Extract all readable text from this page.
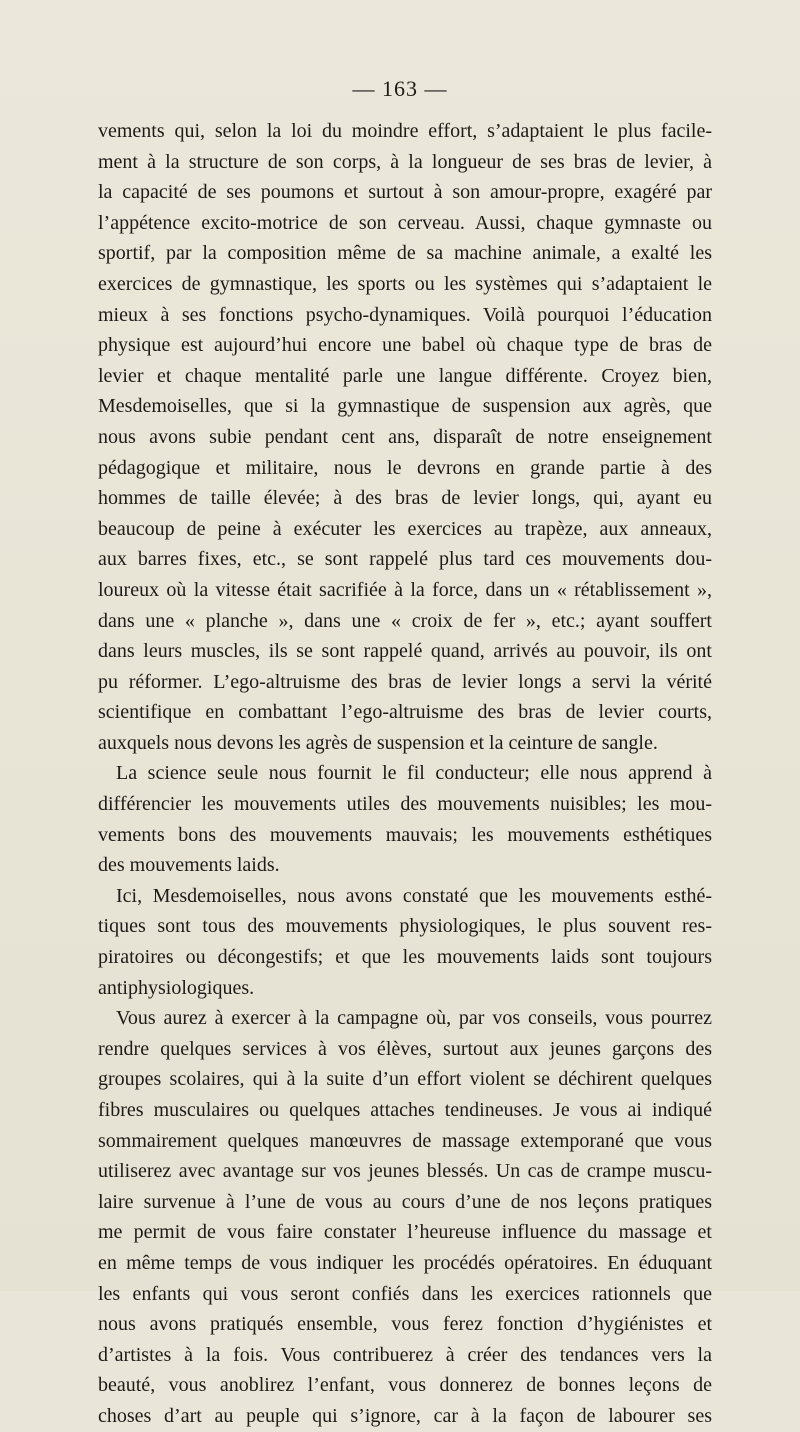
— 163 —
vements qui, selon la loi du moindre effort, s’adaptaient le plus facile-
ment à la structure de son corps, à la longueur de ses bras de levier, à
la capacité de ses poumons et surtout à son amour-propre, exagéré par
l’appétence excito-motrice de son cerveau. Aussi, chaque gymnaste ou
sportif, par la composition même de sa machine animale, a exalté les
exercices de gymnastique, les sports ou les systèmes qui s’adaptaient le
mieux à ses fonctions psycho-dynamiques. Voilà pourquoi l’éducation
physique est aujourd’hui encore une babel où chaque type de bras de
levier et chaque mentalité parle une langue différente. Croyez bien,
Mesdemoiselles, que si la gymnastique de suspension aux agrès, que
nous avons subie pendant cent ans, disparaît de notre enseignement
pédagogique et militaire, nous le devrons en grande partie à des
hommes de taille élevée; à des bras de levier longs, qui, ayant eu
beaucoup de peine à exécuter les exercices au trapèze, aux anneaux,
aux barres fixes, etc., se sont rappelé plus tard ces mouvements dou-
loureux où la vitesse était sacrifiée à la force, dans un « rétablissement »,
dans une « planche », dans une « croix de fer », etc.; ayant souffert
dans leurs muscles, ils se sont rappelé quand, arrivés au pouvoir, ils ont
pu réformer. L’ego-altruisme des bras de levier longs a servi la vérité
scientifique en combattant l’ego-altruisme des bras de levier courts,
auxquels nous devons les agrès de suspension et la ceinture de sangle.
La science seule nous fournit le fil conducteur; elle nous apprend à
différencier les mouvements utiles des mouvements nuisibles; les mou-
vements bons des mouvements mauvais; les mouvements esthétiques
des mouvements laids.
Ici, Mesdemoiselles, nous avons constaté que les mouvements esthé-
tiques sont tous des mouvements physiologiques, le plus souvent res-
piratoires ou décongestifs; et que les mouvements laids sont toujours
antiphysiologiques.
Vous aurez à exercer à la campagne où, par vos conseils, vous pourrez
rendre quelques services à vos élèves, surtout aux jeunes garçons des
groupes scolaires, qui à la suite d’un effort violent se déchirent quelques
fibres musculaires ou quelques attaches tendineuses. Je vous ai indiqué
sommairement quelques manœuvres de massage extemporané que vous
utiliserez avec avantage sur vos jeunes blessés. Un cas de crampe muscu-
laire survenue à l’une de vous au cours d’une de nos leçons pratiques
me permit de vous faire constater l’heureuse influence du massage et
en même temps de vous indiquer les procédés opératoires. En éduquant
les enfants qui vous seront confiés dans les exercices rationnels que
nous avons pratiqués ensemble, vous ferez fonction d’hygiénistes et
d’artistes à la fois. Vous contribuerez à créer des tendances vers la
beauté, vous anoblirez l’enfant, vous donnerez de bonnes leçons de
choses d’art au peuple qui s’ignore, car à la façon de labourer ses
